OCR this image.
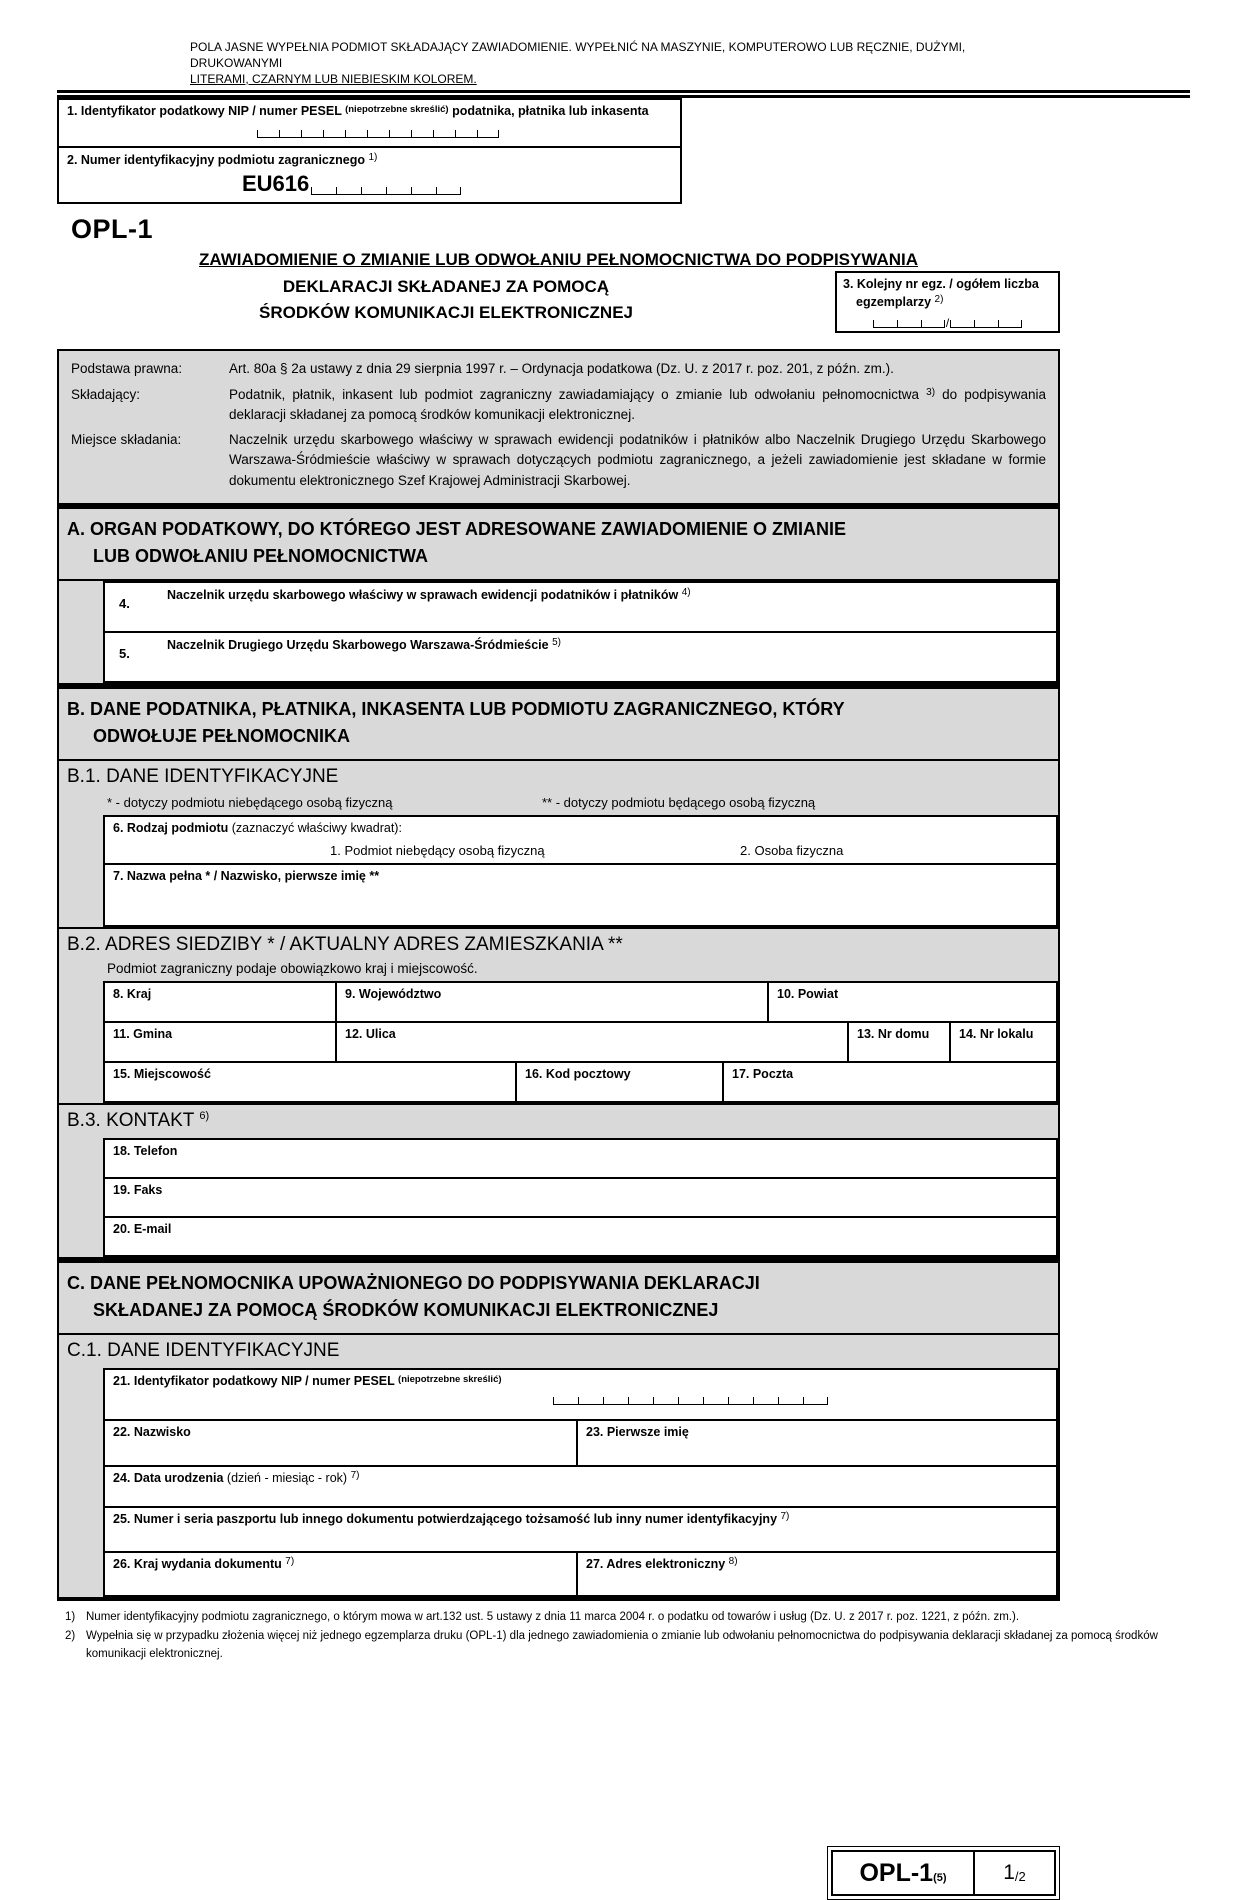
POLA JASNE WYPEŁNIA PODMIOT SKŁADAJĄCY ZAWIADOMIENIE. WYPEŁNIĆ NA MASZYNIE, KOMPUTEROWO LUB RĘCZNIE, DUŻYMI, DRUKOWANYMI
LITERAMI, CZARNYM LUB NIEBIESKIM KOLOREM.
1. Identyfikator podatkowy NIP / numer PESEL $^{(niepotrzebne skreślić)}$ podatnika, płatnika lub inkasenta
2. Numer identyfikacyjny podmiotu zagranicznego $^{1)}$
EU616
OPL-1
ZAWIADOMIENIE O ZMIANIE LUB ODWOŁANIU PEŁNOMOCNICTWA DO PODPISYWANIA
DEKLARACJI SKŁADANEJ ZA POMOCĄ
ŚRODKÓW KOMUNIKACJI ELEKTRONICZNEJ
3. Kolejny nr egz. / ogółem liczba egzemplarzy $^{2)}$
/
Podstawa prawna:	Art. 80a § 2a ustawy z dnia 29 sierpnia 1997 r. – Ordynacja podatkowa (Dz. U. z 2017 r. poz. 201, z późn. zm.).
Składający:	Podatnik, płatnik, inkasent lub podmiot zagraniczny zawiadamiający o zmianie lub odwołaniu pełnomocnictwa $^{3)}$ do podpisywania deklaracji składanej za pomocą środków komunikacji elektronicznej.
Miejsce składania:	Naczelnik urzędu skarbowego właściwy w sprawach ewidencji podatników i płatników albo Naczelnik Drugiego Urzędu Skarbowego Warszawa-Śródmieście właściwy w sprawach dotyczących podmiotu zagranicznego, a jeżeli zawiadomienie jest składane w formie dokumentu elektronicznego Szef Krajowej Administracji Skarbowej.
A. ORGAN PODATKOWY, DO KTÓREGO JEST ADRESOWANE ZAWIADOMIENIE O ZMIANIE
LUB ODWOŁANIU PEŁNOMOCNICTWA
4.
Naczelnik urzędu skarbowego właściwy w sprawach ewidencji podatników i płatników $^{4)}$
5.
Naczelnik Drugiego Urzędu Skarbowego Warszawa-Śródmieście $^{5)}$
B. DANE PODATNIKA, PŁATNIKA, INKASENTA LUB PODMIOTU ZAGRANICZNEGO, KTÓRY
ODWOŁUJE PEŁNOMOCNIKA
B.1. DANE IDENTYFIKACYJNE
* - dotyczy podmiotu niebędącego osobą fizyczną	** - dotyczy podmiotu będącego osobą fizyczną
6. Rodzaj podmiotu (zaznaczyć właściwy kwadrat):
1. Podmiot niebędący osobą fizyczną	2. Osoba fizyczna
7. Nazwa pełna * / Nazwisko, pierwsze imię **
B.2. ADRES SIEDZIBY * / AKTUALNY ADRES ZAMIESZKANIA **
Podmiot zagraniczny podaje obowiązkowo kraj i miejscowość.
8. Kraj	9. Województwo	10. Powiat
11. Gmina	12. Ulica	13. Nr domu	14. Nr lokalu
15. Miejscowość	16. Kod pocztowy	17. Poczta
B.3. KONTAKT $^{6)}$
18. Telefon
19. Faks
20. E-mail
C. DANE PEŁNOMOCNIKA UPOWAŻNIONEGO DO PODPISYWANIA DEKLARACJI
SKŁADANEJ ZA POMOCĄ ŚRODKÓW KOMUNIKACJI ELEKTRONICZNEJ
C.1. DANE IDENTYFIKACYJNE
21. Identyfikator podatkowy NIP / numer PESEL $^{(niepotrzebne skreślić)}$
22. Nazwisko	23. Pierwsze imię
24. Data urodzenia (dzień - miesiąc - rok) $^{7)}$
25. Numer i seria paszportu lub innego dokumentu potwierdzającego tożsamość lub inny numer identyfikacyjny $^{7)}$
26. Kraj wydania dokumentu $^{7)}$	27. Adres elektroniczny $^{8)}$
1) Numer identyfikacyjny podmiotu zagranicznego, o którym mowa w art.132 ust. 5 ustawy z dnia 11 marca 2004 r. o podatku od towarów i usług (Dz. U. z 2017 r. poz. 1221, z późn. zm.).
2) Wypełnia się w przypadku złożenia więcej niż jednego egzemplarza druku (OPL-1) dla jednego zawiadomienia o zmianie lub odwołaniu pełnomocnictwa do podpisywania deklaracji składanej za pomocą środków komunikacji elektronicznej.
OPL-1 (5)	1 /2
